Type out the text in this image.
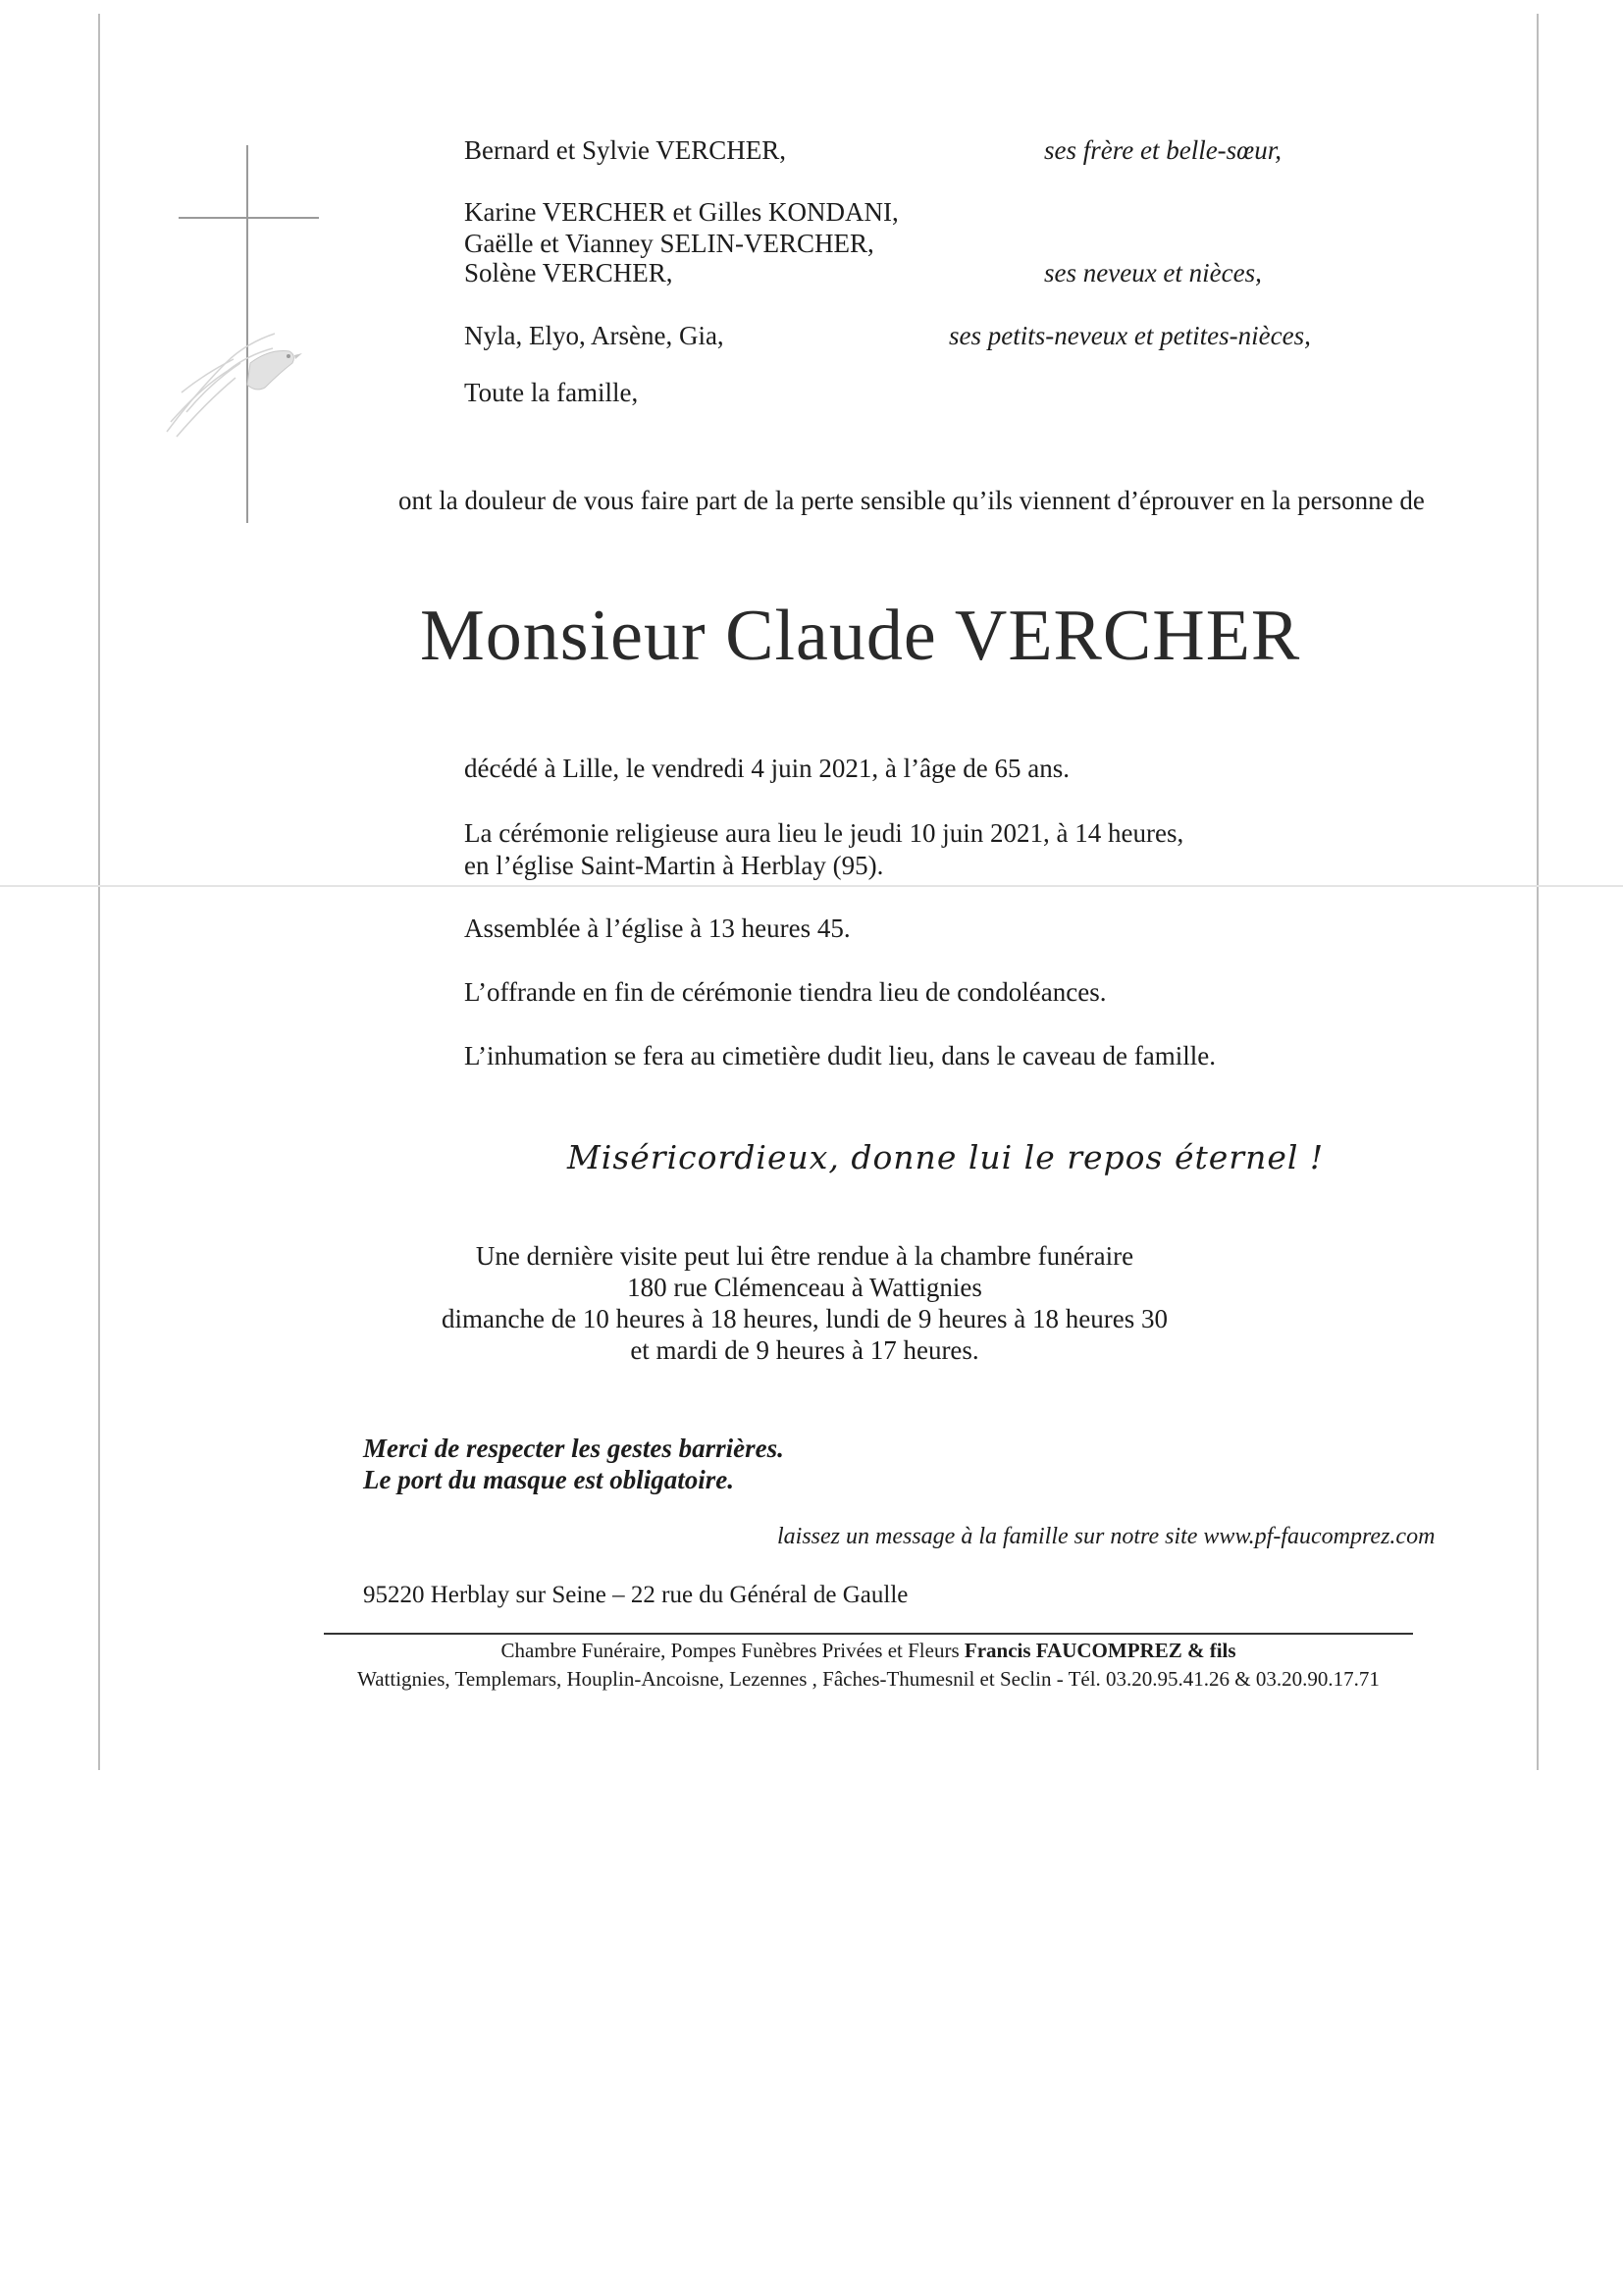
Bernard et Sylvie VERCHER,	ses frère et belle-sœur,
Karine VERCHER et Gilles KONDANI,
Gaëlle et Vianney SELIN-VERCHER,
Solène VERCHER,	ses neveux et nièces,
Nyla, Elyo, Arsène, Gia,	ses petits-neveux et petites-nièces,
Toute la famille,
ont la douleur de vous faire part de la perte sensible qu’ils viennent d’éprouver en la personne de
Monsieur Claude VERCHER
décédé à Lille, le vendredi 4 juin 2021, à l’âge de 65 ans.
La cérémonie religieuse aura lieu le jeudi 10 juin 2021, à 14 heures,
en l’église Saint-Martin à Herblay (95).
Assemblée à l’église à 13 heures 45.
L’offrande en fin de cérémonie tiendra lieu de condoléances.
L’inhumation se fera au cimetière dudit lieu, dans le caveau de famille.
Miséricordieux, donne lui le repos éternel !
Une dernière visite peut lui être rendue à la chambre funéraire
180 rue Clémenceau à Wattignies
dimanche de 10 heures à 18 heures, lundi de 9 heures à 18 heures 30
et mardi de 9 heures à 17 heures.
Merci de respecter les gestes barrières.
Le port du masque est obligatoire.
laissez un message à la famille sur notre site www.pf-faucomprez.com
95220 Herblay sur Seine – 22 rue du Général de Gaulle
Chambre Funéraire, Pompes Funèbres Privées et Fleurs Francis FAUCOMPREZ & fils
Wattignies, Templemars, Houplin-Ancoisne, Lezennes , Fâches-Thumesnil et Seclin - Tél. 03.20.95.41.26 & 03.20.90.17.71
